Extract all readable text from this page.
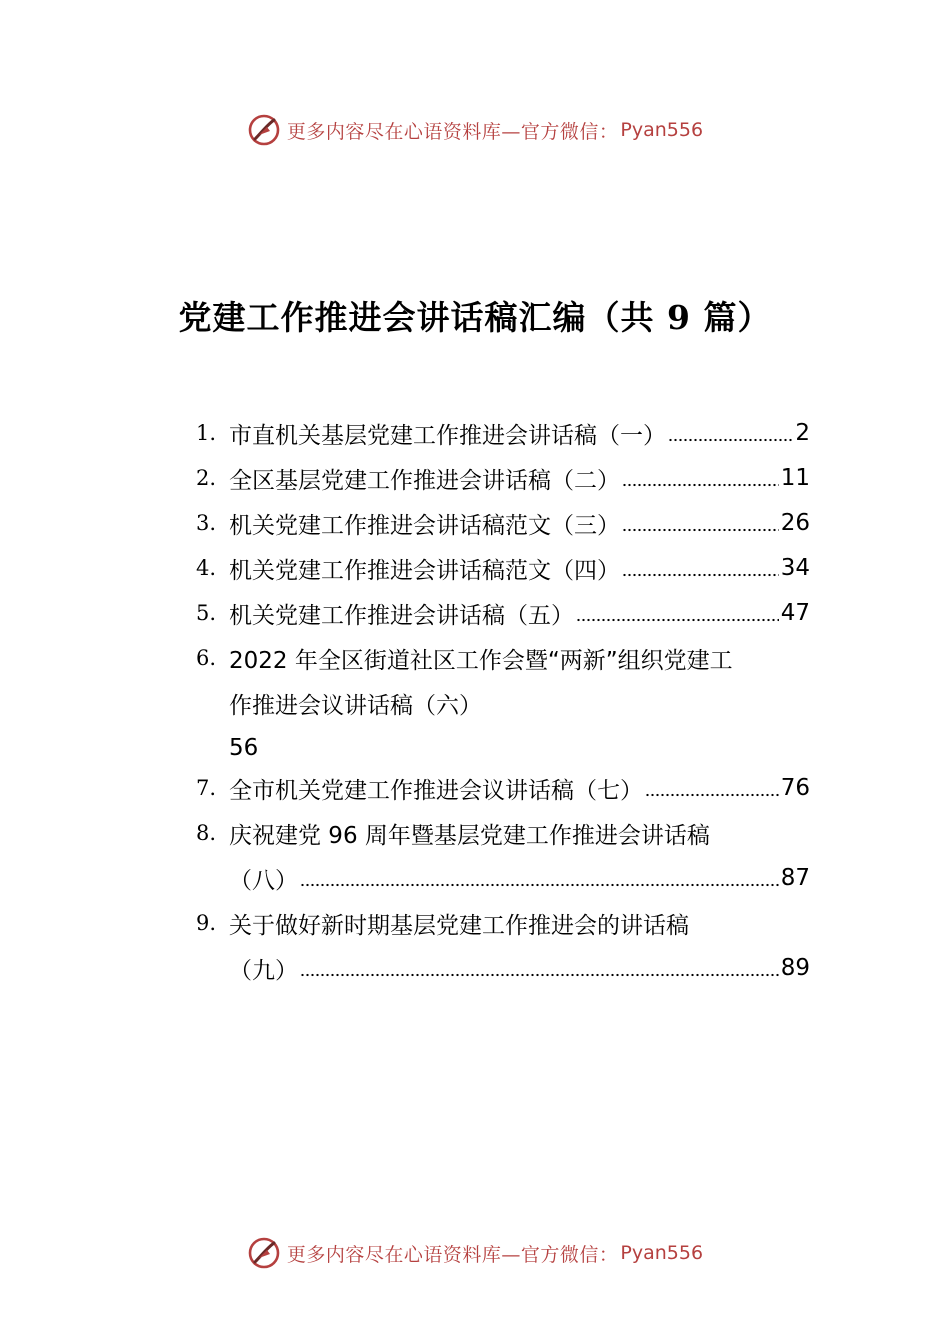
更多内容尽在心语资料库—官方微信： Pyan556
党建工作推进会讲话稿汇编（共 9 篇）
1. 市直机关基层党建工作推进会讲话稿（一）	2
2. 全区基层党建工作推进会讲话稿（二）	11
3. 机关党建工作推进会讲话稿范文（三）	26
4. 机关党建工作推进会讲话稿范文（四）	34
5. 机关党建工作推进会讲话稿（五）	47
6. 2022 年全区街道社区工作会暨“两新”组织党建工
作推进会议讲话稿（六）
56
7. 全市机关党建工作推进会议讲话稿（七）	76
8. 庆祝建党 96 周年暨基层党建工作推进会讲话稿
（八）	87
9. 关于做好新时期基层党建工作推进会的讲话稿
（九）	89
更多内容尽在心语资料库—官方微信： Pyan556
